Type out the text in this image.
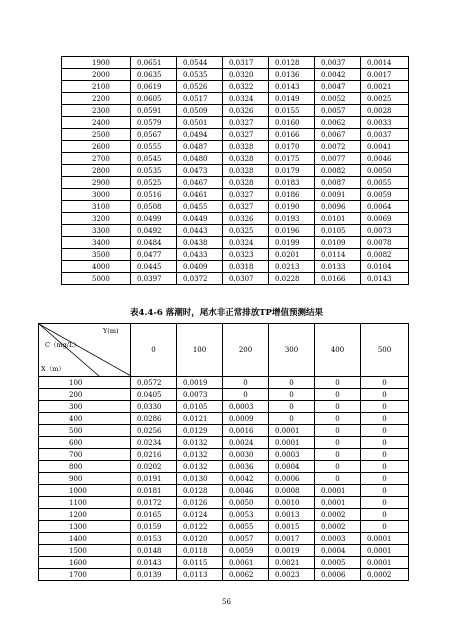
1900	0.0651	0.0544	0.0317	0.0128	0.0037	0.0014
2000	0.0635	0.0535	0.0320	0.0136	0.0042	0.0017
2100	0.0619	0.0526	0.0322	0.0143	0.0047	0.0021
2200	0.0605	0.0517	0.0324	0.0149	0.0052	0.0025
2300	0.0591	0.0509	0.0326	0.0155	0.0057	0.0028
2400	0.0579	0.0501	0.0327	0.0160	0.0062	0.0033
2500	0.0567	0.0494	0.0327	0.0166	0.0067	0.0037
2600	0.0555	0.0487	0.0328	0.0170	0.0072	0.0041
2700	0.0545	0.0480	0.0328	0.0175	0.0077	0.0046
2800	0.0535	0.0473	0.0328	0.0179	0.0082	0.0050
2900	0.0525	0.0467	0.0328	0.0183	0.0087	0.0055
3000	0.0516	0.0461	0.0327	0.0186	0.0091	0.0059
3100	0.0508	0.0455	0.0327	0.0190	0.0096	0.0064
3200	0.0499	0.0449	0.0326	0.0193	0.0101	0.0069
3300	0.0492	0.0443	0.0325	0.0196	0.0105	0.0073
3400	0.0484	0.0438	0.0324	0.0199	0.0109	0.0078
3500	0.0477	0.0433	0.0323	0.0201	0.0114	0.0082
4000	0.0445	0.0409	0.0318	0.0213	0.0133	0.0104
5000	0.0397	0.0372	0.0307	0.0228	0.0166	0.0143
表4.4-6 落潮时，尾水非正常排放TP增值预测结果
Y(m)
C（mg/L）
X（m）	0	100	200	300	400	500
100	0.0572	0.0019	0	0	0	0
200	0.0405	0.0073	0	0	0	0
300	0.0330	0.0105	0.0003	0	0	0
400	0.0286	0.0121	0.0009	0	0	0
500	0.0256	0.0129	0.0016	0.0001	0	0
600	0.0234	0.0132	0.0024	0.0001	0	0
700	0.0216	0.0132	0.0030	0.0003	0	0
800	0.0202	0.0132	0.0036	0.0004	0	0
900	0.0191	0.0130	0.0042	0.0006	0	0
1000	0.0181	0.0128	0.0046	0.0008	0.0001	0
1100	0.0172	0.0126	0.0050	0.0010	0.0001	0
1200	0.0165	0.0124	0.0053	0.0013	0.0002	0
1300	0.0159	0.0122	0.0055	0.0015	0.0002	0
1400	0.0153	0.0120	0.0057	0.0017	0.0003	0.0001
1500	0.0148	0.0118	0.0059	0.0019	0.0004	0.0001
1600	0.0143	0.0115	0.0061	0.0021	0.0005	0.0001
1700	0.0139	0.0113	0.0062	0.0023	0.0006	0.0002
56
